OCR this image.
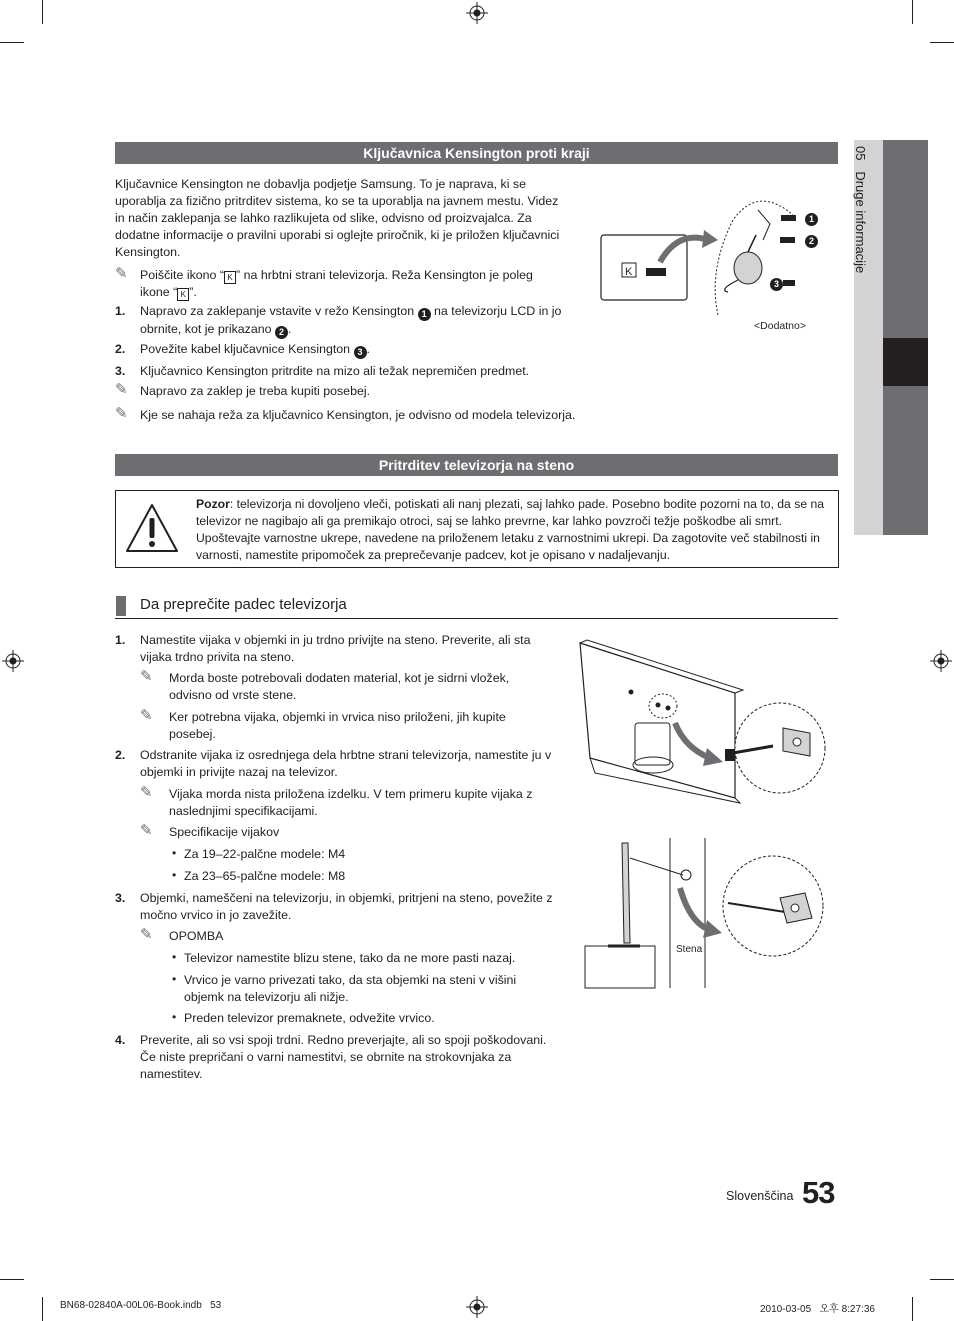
05   Druge informacije
Ključavnica Kensington proti kraji
Ključavnice Kensington ne dobavlja podjetje Samsung. To je naprava, ki se uporablja za fizično pritrditev sistema, ko se ta uporablja na javnem mestu. Videz in način zaklepanja se lahko razlikujeta od slike, odvisno od proizvajalca. Za dodatne informacije o pravilni uporabi si oglejte priročnik, ki je priložen ključavnici Kensington.
✎ Poiščite ikono “ K ” na hrbtni strani televizorja. Reža Kensington je poleg ikone “ K ”.
1. Napravo za zaklepanje vstavite v režo Kensington 1 na televizorju LCD in jo obrnite, kot je prikazano 2 .
2. Povežite kabel ključavnice Kensington 3 .
3. Ključavnico Kensington pritrdite na mizo ali težak nepremičen predmet.
✎ Napravo za zaklep je treba kupiti posebej.
✎ Kje se nahaja reža za ključavnico Kensington, je odvisno od modela televizorja.
K
1
2
3
<Dodatno>
Pritrditev televizorja na steno
Pozor: televizorja ni dovoljeno vleči, potiskati ali nanj plezati, saj lahko pade. Posebno bodite pozorni na to, da se na televizor ne nagibajo ali ga premikajo otroci, saj se lahko prevrne, kar lahko povzroči težje poškodbe ali smrt. Upoštevajte varnostne ukrepe, navedene na priloženem letaku z varnostnimi ukrepi. Da zagotovite več stabilnosti in varnosti, namestite pripomoček za preprečevanje padcev, kot je opisano v nadaljevanju.
Da preprečite padec televizorja
1. Namestite vijaka v objemki in ju trdno privijte na steno. Preverite, ali sta vijaka trdno privita na steno.
✎ Morda boste potrebovali dodaten material, kot je sidrni vložek, odvisno od vrste stene.
✎ Ker potrebna vijaka, objemki in vrvica niso priloženi, jih kupite posebej.
2. Odstranite vijaka iz osrednjega dela hrbtne strani televizorja, namestite ju v objemki in privijte nazaj na televizor.
✎ Vijaka morda nista priložena izdelku. V tem primeru kupite vijaka z naslednjimi specifikacijami.
✎ Specifikacije vijakov
• Za 19–22-palčne modele: M4
• Za 23–65-palčne modele: M8
3. Objemki, nameščeni na televizorju, in objemki, pritrjeni na steno, povežite z močno vrvico in jo zavežite.
✎ OPOMBA
• Televizor namestite blizu stene, tako da ne more pasti nazaj.
• Vrvico je varno privezati tako, da sta objemki na steni v višini objemk na televizorju ali nižje.
• Preden televizor premaknete, odvežite vrvico.
4. Preverite, ali so vsi spoji trdni. Redno preverjajte, ali so spoji poškodovani. Če niste prepričani o varni namestitvi, se obrnite na strokovnjaka za namestitev.
Stena
Slovenščina 53
BN68-02840A-00L06-Book.indb   53	2010-03-05   오후 8:27:36
